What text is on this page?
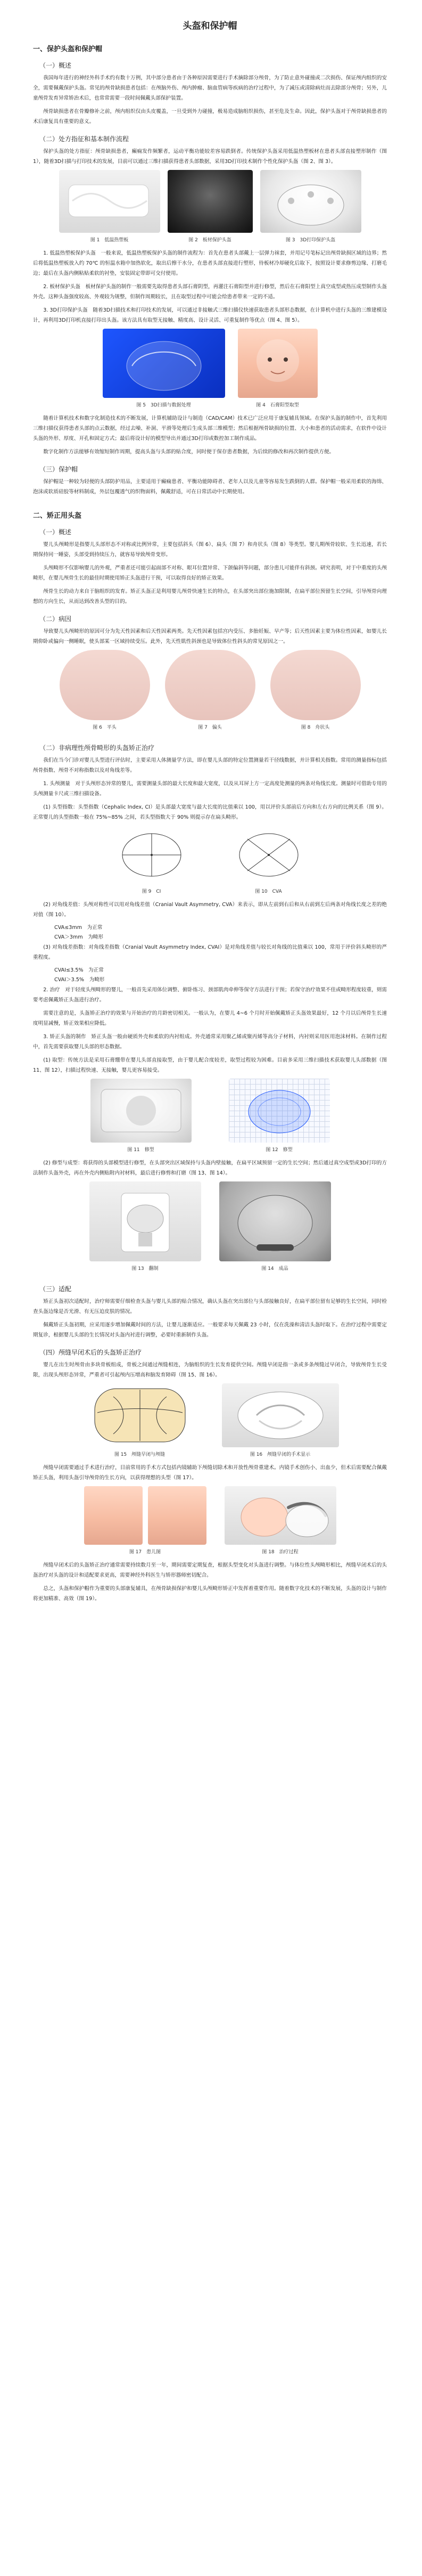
头盔和保护帽
一、保护头盔和保护帽
（一）概述

我国每年进行的神经外科手术约有数十万例，其中部分患者由于各种原因需要进行手术摘除部分颅骨，为了防止意外碰撞或二次损伤、保证颅内组织的安全，需要佩戴保护头盔。常见的颅骨缺损患者包括：在颅脑外伤、颅内肿瘤、脑血管病等疾病的治疗过程中，为了减压或清除病灶而去除部分颅骨；另外，儿童颅骨发育异常矫治术后，也常常需要一段时间佩戴头部保护装置。

颅骨缺损患者在骨瓣修补之前，颅内组织仅由头皮覆盖，一旦受到外力碰撞，极易造成脑组织损伤，甚至危及生命。因此，保护头盔对于颅骨缺损患者的术后康复具有重要的意义。

（二）处方指征和基本制作流程

保护头盔的处方指征：颅骨缺损患者，癫痫发作频繁者，运动平衡功能较差容易跌倒者。传统保护头盔采用低温热塑板材在患者头部直接塑形制作（图 1），随着3D扫描与打印技术的发展，目前可以通过三维扫描获得患者头部数据，采用3D打印技术制作个性化保护头盔（图 2、图 3）。

图 1　低温热塑板	图 2　板材保护头盔	图 3　3D打印保护头盔

1. 低温热塑板保护头盔　一般来说，低温热塑板保护头盔的制作流程为：首先在患者头部戴上一层弹力袜套，并用记号笔标记出颅骨缺损区域的边界；然后将低温热塑板放入约 70℃ 的恒温水箱中加热软化，取出后擦干水分，在患者头部直接进行塑形，待板材冷却硬化后取下，按照设计要求修剪边缘、打磨毛边；最后在头盔内侧粘贴柔软的衬垫，安装固定带即可交付使用。

2. 板材保护头盔　板材保护头盔的制作一般需要先取得患者头部石膏阴型，再灌注石膏阳型并进行修型，然后在石膏阳型上真空成型或热压成型制作头盔外壳。这种头盔强度较高、外观较为规整，但制作周期较长，且在取型过程中可能会给患者带来一定的不适。

3. 3D打印保护头盔　随着3D扫描技术和打印技术的发展，可以通过非接触式三维扫描仪快速获取患者头部形态数据，在计算机中进行头盔的三维建模设计，再利用3D打印机直接打印出头盔。该方法具有取型无接触、精度高、设计灵活、可重复制作等优点（图 4、图 5）。

图 5　3D扫描与数据处理	图 4　石膏阳型取型

随着计算机技术和数字化制造技术的不断发展，计算机辅助设计与制造（CAD/CAM）技术已广泛应用于康复辅具领域。在保护头盔的制作中，首先利用三维扫描仪获得患者头部的点云数据，经过去噪、补洞、平滑等处理后生成头部三维模型；然后根据颅骨缺损的位置、大小和患者的活动需求，在软件中设计头盔的外形、厚度、开孔和固定方式；最后将设计好的模型导出并通过3D打印或数控加工制作成品。

数字化制作方法能够有效缩短制作周期，提高头盔与头部的贴合度，同时便于保存患者数据，为后续的修改和再次制作提供方便。

（三）保护帽

保护帽是一种较为轻便的头部防护用品，主要适用于癫痫患者、平衡功能障碍者、老年人以及儿童等容易发生跌倒的人群。保护帽一般采用柔软的海绵、泡沫或软质硅胶等材料制成，外层包覆透气的织物面料，佩戴舒适，可在日常活动中长期使用。

二、矫正用头盔
（一）概述

婴儿头颅畸形是指婴儿头部形态不对称或比例异常，主要包括斜头（图 6）、扁头（图 7）和舟状头（图 8）等类型。婴儿期颅骨较软、生长迅速，若长期保持同一睡姿，头部受到持续压力，就容易导致颅骨变形。

头颅畸形不仅影响婴儿的外观，严重者还可能引起面部不对称、眼耳位置异常、下颌偏斜等问题，部分患儿可能伴有斜颈。研究表明，对于中重度的头颅畸形，在婴儿颅骨生长的最佳时期使用矫正头盔进行干预，可以取得良好的矫正效果。

颅骨生长的动力来自于脑组织的发育。矫正头盔正是利用婴儿颅骨快速生长的特点，在头部突出部位施加限制，在扁平部位预留生长空间，引导颅骨向理想的方向生长，从而达到改善头型的目的。

（二）病因

导致婴儿头颅畸形的原因可分为先天性因素和后天性因素两类。先天性因素包括宫内受压、多胎妊娠、早产等；后天性因素主要为体位性因素，如婴儿长期仰卧或偏向一侧睡眠，使头部某一区域持续受压。此外，先天性肌性斜颈也是导致体位性斜头的常见原因之一。

图 6　平头	图 7　偏头	图 8　舟状头
（二）非病理性颅骨畸形的头盔矫正治疗

我们在当今门诊对婴儿头型进行评估时，主要采用人体测量学方法，即在婴儿头部的特定位置测量若干径线数据，并计算相关指数。常用的测量指标包括颅骨指数、颅骨不对称指数以及对角线差等。

1. 头颅测量　对于头颅形态异常的婴儿，需要测量头部的最大长度和最大宽度，以及从耳屏上方一定高度处测量的两条对角线长度。测量时可借助专用的头颅测量卡尺或三维扫描设备。

(1) 头型指数：头型指数（Cephalic Index, CI）是头部最大宽度与最大长度的比值乘以 100，用以评价头部前后方向和左右方向的比例关系（图 9）。正常婴儿的头型指数一般在 75%~85% 之间，若头型指数大于 90% 则提示存在扁头畸形。

图 9　CI	图 10　CVA

(2) 对角线差值：头颅对称性可以用对角线差值（Cranial Vault Asymmetry, CVA）来表示，即从左前到右后和从右前到左后两条对角线长度之差的绝对值（图 10）。

CVA≤3mm　为正常
CVA＞3mm　为畸形

(3) 对角线差指数：对角线差指数（Cranial Vault Asymmetry Index, CVAI）是对角线差值与较长对角线的比值乘以 100，常用于评价斜头畸形的严重程度。

CVAI≤3.5%　为正常
CVAI＞3.5%　为畸形

2. 治疗　对于轻度头颅畸形的婴儿，一般首先采用体位调整、俯卧练习、颈部肌肉牵伸等保守方法进行干预；若保守治疗效果不佳或畸形程度较重，则需要考虑佩戴矫正头盔进行治疗。

需要注意的是，头盔矫正治疗的效果与开始治疗的月龄密切相关。一般认为，在婴儿 4~6 个月时开始佩戴矫正头盔效果最好，12 个月以后颅骨生长速度明显减慢，矫正效果相应降低。

3. 矫正头盔的制作　矫正头盔一般由硬质外壳和柔软的内衬组成。外壳通常采用聚乙烯或聚丙烯等高分子材料，内衬则采用医用泡沫材料。在制作过程中，首先需要获取婴儿头部的形态数据。

(1) 取型：传统方法是采用石膏绷带在婴儿头部直接取型，由于婴儿配合度较差，取型过程较为困难。目前多采用三维扫描技术获取婴儿头部数据（图 11、图 12），扫描过程快速、无接触，婴儿更容易接受。

图 11　修型	图 12　修型

(2) 修型与成型：将获得的头部模型进行修型，在头部突出区域保持与头盔内壁接触，在扁平区域预留一定的生长空间；然后通过真空成型或3D打印的方法制作头盔外壳，再在外壳内侧贴附内衬材料，最后进行修剪和打磨（图 13、图 14）。

图 13　翻制	图 14　成品
（三）适配

矫正头盔初次适配时，治疗师需要仔细检查头盔与婴儿头部的贴合情况，确认头盔在突出部位与头部接触良好，在扁平部位留有足够的生长空间，同时检查头盔边缘是否光滑、有无压迫皮肤的情况。

佩戴矫正头盔初期，应采用逐步增加佩戴时间的方法，让婴儿逐渐适应。一般要求每天佩戴 23 小时，仅在洗澡和清洁头盔时取下。在治疗过程中需要定期复诊，根据婴儿头部的生长情况对头盔内衬进行调整，必要时重新制作头盔。

（四）颅缝早闭术后的头盔矫正治疗

婴儿在出生时颅骨由多块骨板组成，骨板之间通过颅缝相连，为脑组织的生长发育提供空间。颅缝早闭是指一条或多条颅缝过早闭合，导致颅骨生长受限，出现头颅形态异常，严重者可引起颅内压增高和脑发育障碍（图 15、图 16）。

图 15　颅缝早闭与颅缝	图 16　颅缝早闭的手术显示

颅缝早闭需要通过手术进行治疗，目前常用的手术方式包括内镜辅助下颅缝切除术和开放性颅骨重建术。内镜手术创伤小、出血少，但术后需要配合佩戴矫正头盔，利用头盔引导颅骨的生长方向，以获得理想的头型（图 17）。

图 17　患儿图	图 18　治疗过程

颅缝早闭术后的头盔矫正治疗通常需要持续数月至一年，期间需要定期复查，根据头型变化对头盔进行调整。与体位性头颅畸形相比，颅缝早闭术后的头盔治疗对头盔的设计和适配要求更高，需要神经外科医生与矫形器师密切配合。

总之，头盔和保护帽作为重要的头部康复辅具，在颅骨缺损保护和婴儿头颅畸形矫正中发挥着重要作用。随着数字化技术的不断发展，头盔的设计与制作将更加精准、高效（图 19）。
